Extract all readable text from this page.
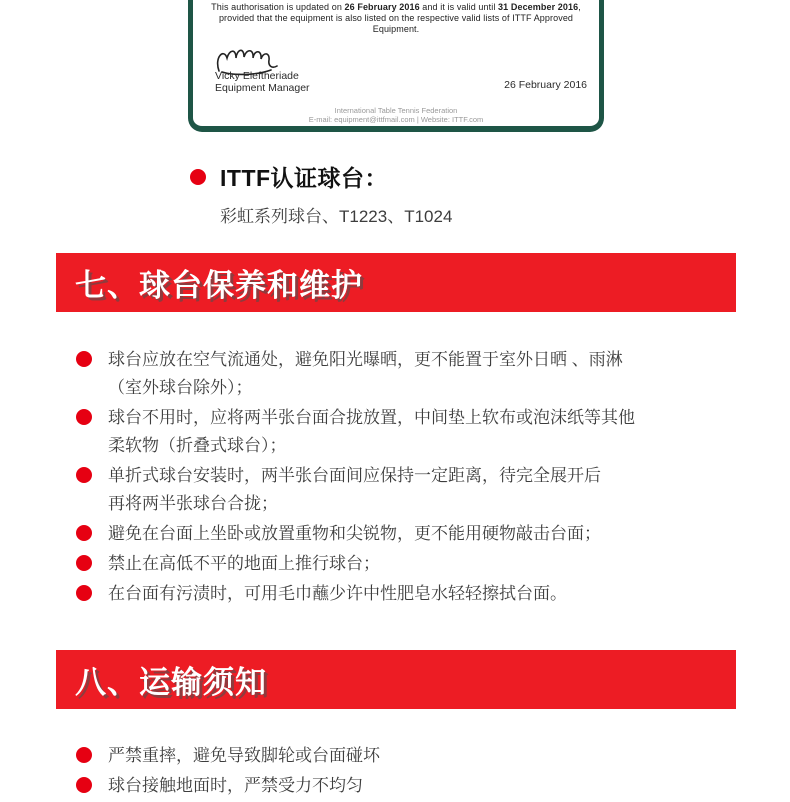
This authorisation is updated on 26 February 2016 and it is valid until 31 December 2016,
provided that the equipment is also listed on the respective valid lists of ITTF Approved Equipment.

Vicky Eleftheriade
Equipment Manager	26 February 2016
International Table Tennis Federation
E-mail: equipment@ittfmail.com | Website: ITTF.com
ITTF认证球台：
彩虹系列球台、T1223、T1024
七、球台保养和维护
球台应放在空气流通处，避免阳光曝晒，更不能置于室外日晒 、雨淋
（室外球台除外）；
球台不用时，应将两半张台面合拢放置，中间垫上软布或泡沫纸等其他
柔软物（折叠式球台）；
单折式球台安装时，两半张台面间应保持一定距离，待完全展开后
再将两半张球台合拢；
避免在台面上坐卧或放置重物和尖锐物，更不能用硬物敲击台面；
禁止在高低不平的地面上推行球台；
在台面有污渍时，可用毛巾蘸少许中性肥皂水轻轻擦拭台面。
八、运输须知
严禁重摔，避免导致脚轮或台面碰坏
球台接触地面时，严禁受力不均匀
